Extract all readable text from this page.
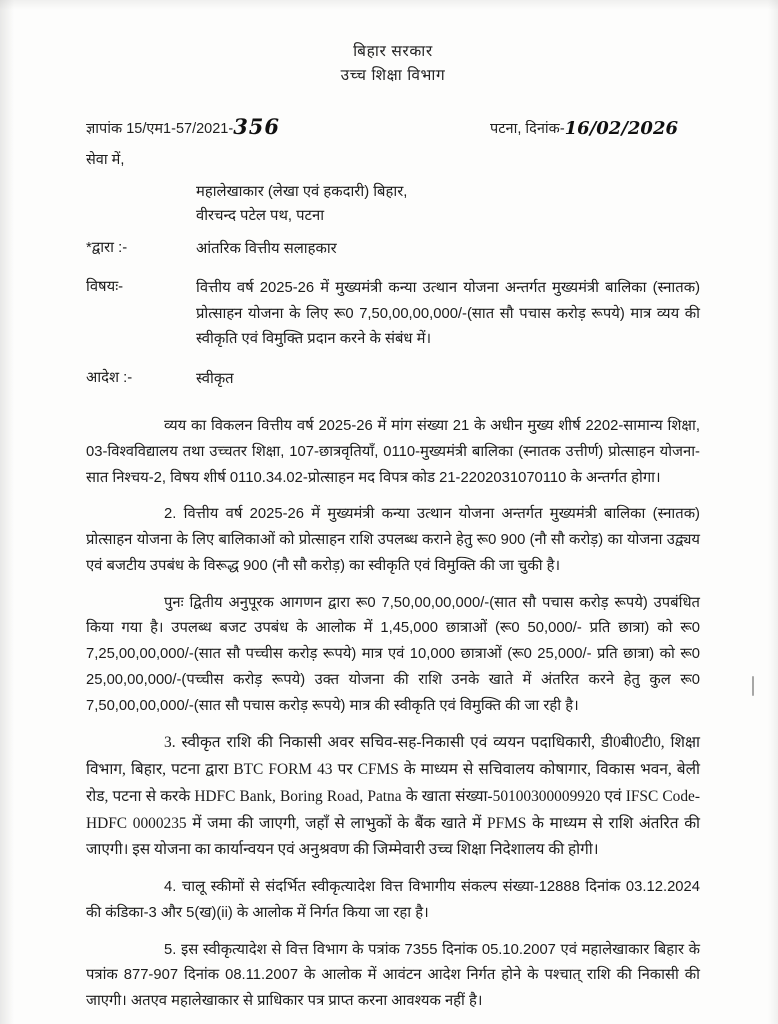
बिहार सरकार
उच्च शिक्षा विभाग
ज्ञापांक 15/एम1-57/2021-356	पटना, दिनांक-16/02/2026
सेवा में,
महालेखाकार (लेखा एवं हकदारी) बिहार,
वीरचन्द पटेल पथ, पटना
*द्वारा :-	आंतरिक वित्तीय सलाहकार
विषयः-	वित्तीय वर्ष 2025-26 में मुख्यमंत्री कन्या उत्थान योजना अन्तर्गत मुख्यमंत्री बालिका (स्नातक) प्रोत्साहन योजना के लिए रू0 7,50,00,00,000/-(सात सौ पचास करोड़ रूपये) मात्र व्यय की स्वीकृति एवं विमुक्ति प्रदान करने के संबंध में।
आदेश :-	स्वीकृत

व्यय का विकलन वित्तीय वर्ष 2025-26 में मांग संख्या 21 के अधीन मुख्य शीर्ष 2202-सामान्य शिक्षा, 03-विश्वविद्यालय तथा उच्चतर शिक्षा, 107-छात्रवृतियाँ, 0110-मुख्यमंत्री बालिका (स्नातक उत्तीर्ण) प्रोत्साहन योजना-सात निश्चय-2, विषय शीर्ष 0110.34.02-प्रोत्साहन मद विपत्र कोड 21-2202031070110 के अन्तर्गत होगा।

2. वित्तीय वर्ष 2025-26 में मुख्यमंत्री कन्या उत्थान योजना अन्तर्गत मुख्यमंत्री बालिका (स्नातक) प्रोत्साहन योजना के लिए बालिकाओं को प्रोत्साहन राशि उपलब्ध कराने हेतु रू0 900 (नौ सौ करोड़) का योजना उद्व्यय एवं बजटीय उपबंध के विरूद्ध 900 (नौ सौ करोड़) का स्वीकृति एवं विमुक्ति की जा चुकी है।

पुनः द्वितीय अनुपूरक आगणन द्वारा रू0 7,50,00,00,000/-(सात सौ पचास करोड़ रूपये) उपबंधित किया गया है। उपलब्ध बजट उपबंध के आलोक में 1,45,000 छात्राओं (रू0 50,000/- प्रति छात्रा) को रू0 7,25,00,00,000/-(सात सौ पच्चीस करोड़ रूपये) मात्र एवं 10,000 छात्राओं (रू0 25,000/- प्रति छात्रा) को रू0 25,00,00,000/-(पच्चीस करोड़ रूपये) उक्त योजना की राशि उनके खाते में अंतरित करने हेतु कुल रू0 7,50,00,00,000/-(सात सौ पचास करोड़ रूपये) मात्र की स्वीकृति एवं विमुक्ति की जा रही है।

3. स्वीकृत राशि की निकासी अवर सचिव-सह-निकासी एवं व्ययन पदाधिकारी, डी0बी0टी0, शिक्षा विभाग, बिहार, पटना द्वारा BTC FORM 43 पर CFMS के माध्यम से सचिवालय कोषागार, विकास भवन, बेली रोड, पटना से करके HDFC Bank, Boring Road, Patna के खाता संख्या-50100300009920 एवं IFSC Code- HDFC 0000235 में जमा की जाएगी, जहाँ से लाभुकों के बैंक खाते में PFMS के माध्यम से राशि अंतरित की जाएगी। इस योजना का कार्यान्वयन एवं अनुश्रवण की जिम्मेवारी उच्च शिक्षा निदेशालय की होगी।

4. चालू स्कीमों से संदर्भित स्वीकृत्यादेश वित्त विभागीय संकल्प संख्या-12888 दिनांक 03.12.2024 की कंडिका-3 और 5(ख)(ii) के आलोक में निर्गत किया जा रहा है।

5. इस स्वीकृत्यादेश से वित्त विभाग के पत्रांक 7355 दिनांक 05.10.2007 एवं महालेखाकार बिहार के पत्रांक 877-907 दिनांक 08.11.2007 के आलोक में आवंटन आदेश निर्गत होने के पश्चात् राशि की निकासी की जाएगी। अतएव महालेखाकार से प्राधिकार पत्र प्राप्त करना आवश्यक नहीं है।
